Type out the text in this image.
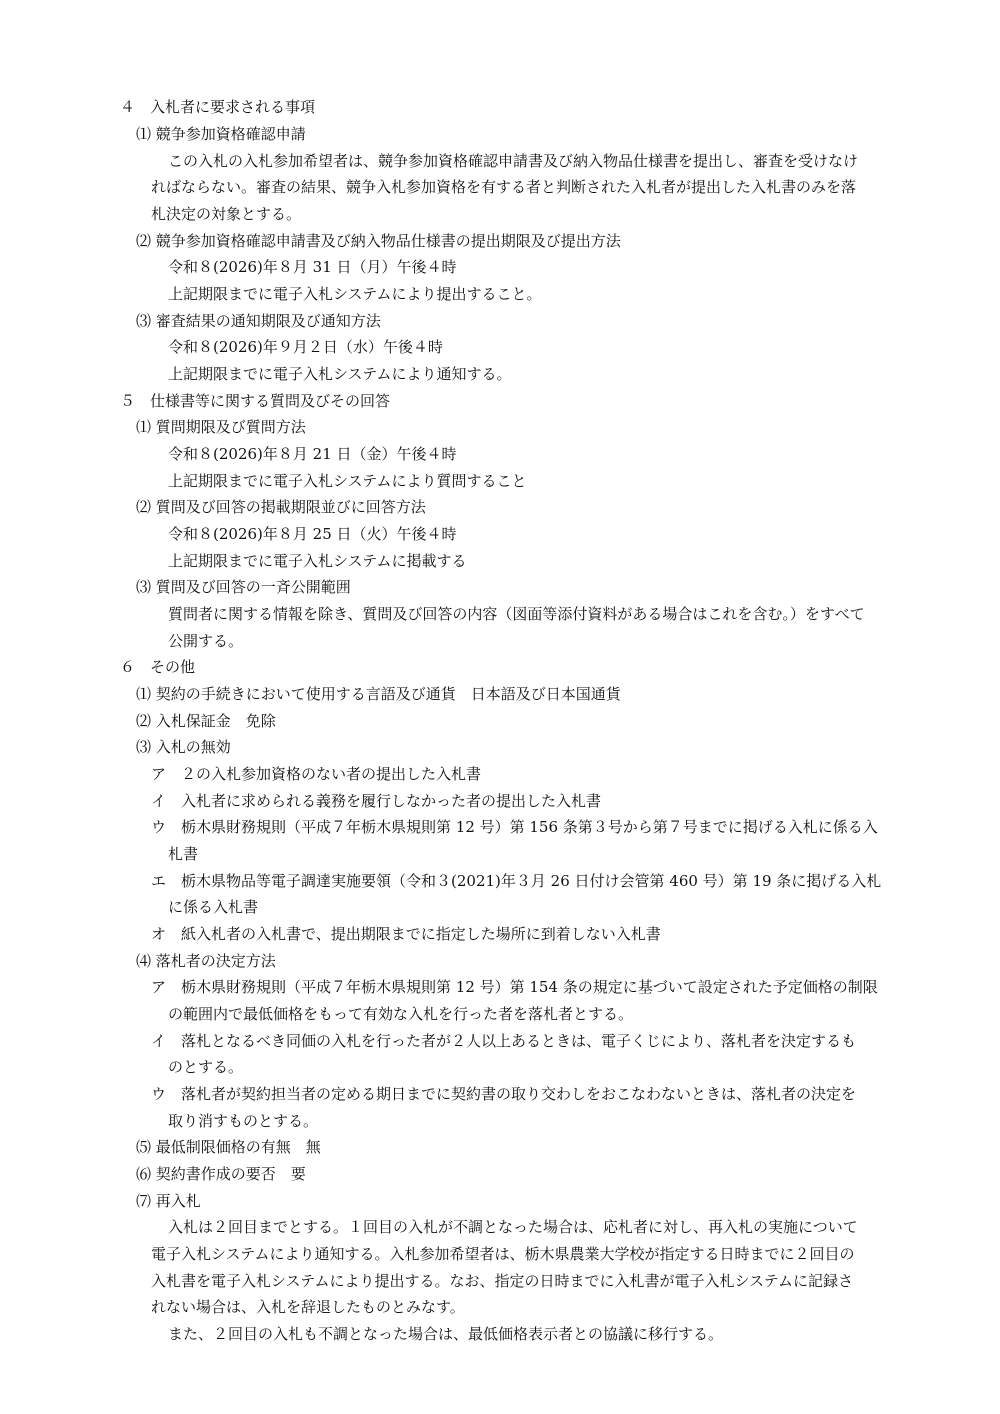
４　入札者に要求される事項
⑴ 競争参加資格確認申請
この入札の入札参加希望者は、競争参加資格確認申請書及び納入物品仕様書を提出し、審査を受けなけ
ればならない。審査の結果、競争入札参加資格を有する者と判断された入札者が提出した入札書のみを落
札決定の対象とする。
⑵ 競争参加資格確認申請書及び納入物品仕様書の提出期限及び提出方法
令和８(2026)年８月 31 日（月）午後４時
上記期限までに電子入札システムにより提出すること。
⑶ 審査結果の通知期限及び通知方法
令和８(2026)年９月２日（水）午後４時
上記期限までに電子入札システムにより通知する。
５　仕様書等に関する質問及びその回答
⑴ 質問期限及び質問方法
令和８(2026)年８月 21 日（金）午後４時
上記期限までに電子入札システムにより質問すること
⑵ 質問及び回答の掲載期限並びに回答方法
令和８(2026)年８月 25 日（火）午後４時
上記期限までに電子入札システムに掲載する
⑶ 質問及び回答の一斉公開範囲
質問者に関する情報を除き、質問及び回答の内容（図面等添付資料がある場合はこれを含む。）をすべて
公開する。
６　その他
⑴ 契約の手続きにおいて使用する言語及び通貨　日本語及び日本国通貨
⑵ 入札保証金　免除
⑶ 入札の無効
ア　２の入札参加資格のない者の提出した入札書
イ　入札者に求められる義務を履行しなかった者の提出した入札書
ウ　栃木県財務規則（平成７年栃木県規則第 12 号）第 156 条第３号から第７号までに掲げる入札に係る入
札書
エ　栃木県物品等電子調達実施要領（令和３(2021)年３月 26 日付け会管第 460 号）第 19 条に掲げる入札
に係る入札書
オ　紙入札者の入札書で、提出期限までに指定した場所に到着しない入札書
⑷ 落札者の決定方法
ア　栃木県財務規則（平成７年栃木県規則第 12 号）第 154 条の規定に基づいて設定された予定価格の制限
の範囲内で最低価格をもって有効な入札を行った者を落札者とする。
イ　落札となるべき同価の入札を行った者が２人以上あるときは、電子くじにより、落札者を決定するも
のとする。
ウ　落札者が契約担当者の定める期日までに契約書の取り交わしをおこなわないときは、落札者の決定を
取り消すものとする。
⑸ 最低制限価格の有無　無
⑹ 契約書作成の要否　要
⑺ 再入札
入札は２回目までとする。１回目の入札が不調となった場合は、応札者に対し、再入札の実施について
電子入札システムにより通知する。入札参加希望者は、栃木県農業大学校が指定する日時までに２回目の
入札書を電子入札システムにより提出する。なお、指定の日時までに入札書が電子入札システムに記録さ
れない場合は、入札を辞退したものとみなす。
また、２回目の入札も不調となった場合は、最低価格表示者との協議に移行する。
